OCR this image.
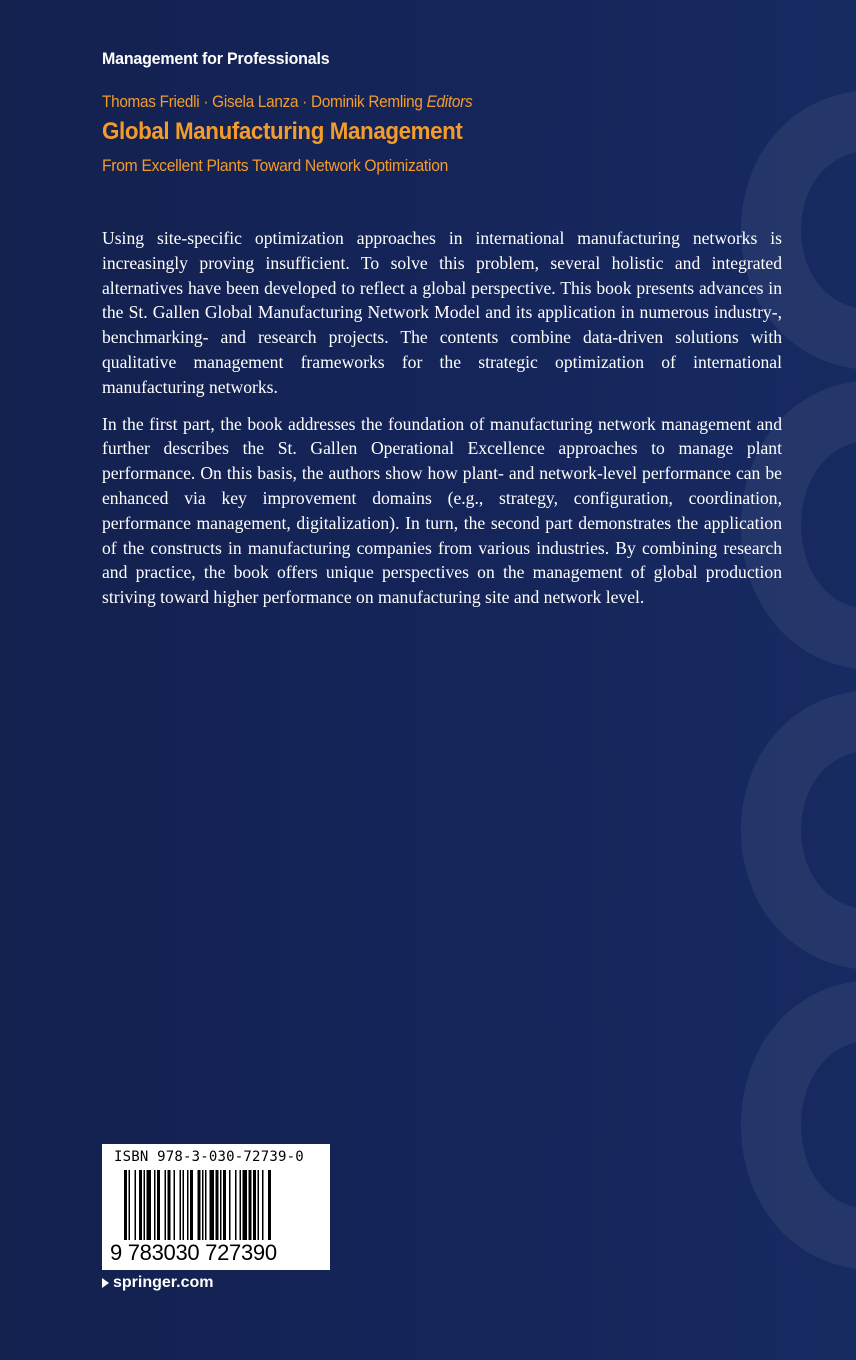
Management for Professionals
Thomas Friedli · Gisela Lanza · Dominik Remling Editors
Global Manufacturing Management
From Excellent Plants Toward Network Optimization

Using site-specific optimization approaches in international manufacturing networks is increasingly proving insufficient. To solve this problem, several holistic and integrated alternatives have been developed to reflect a global perspective. This book presents advances in the St. Gallen Global Manufacturing Network Model and its application in numerous industry-, benchmarking- and research projects. The contents combine data-driven solutions with qualitative management frameworks for the strategic optimization of international manufacturing networks.

In the first part, the book addresses the foundation of manufacturing network management and further describes the St. Gallen Operational Excellence approaches to manage plant performance. On this basis, the authors show how plant- and network-level performance can be enhanced via key improvement domains (e.g., strategy, configuration, coordination, performance management, digitalization). In turn, the second part demonstrates the application of the constructs in manufacturing companies from various industries. By combining research and practice, the book offers unique perspectives on the management of global production striving toward higher performance on manufacturing site and network level.

ISBN 978-3-030-72739-0
9 783030 727390
springer.com
